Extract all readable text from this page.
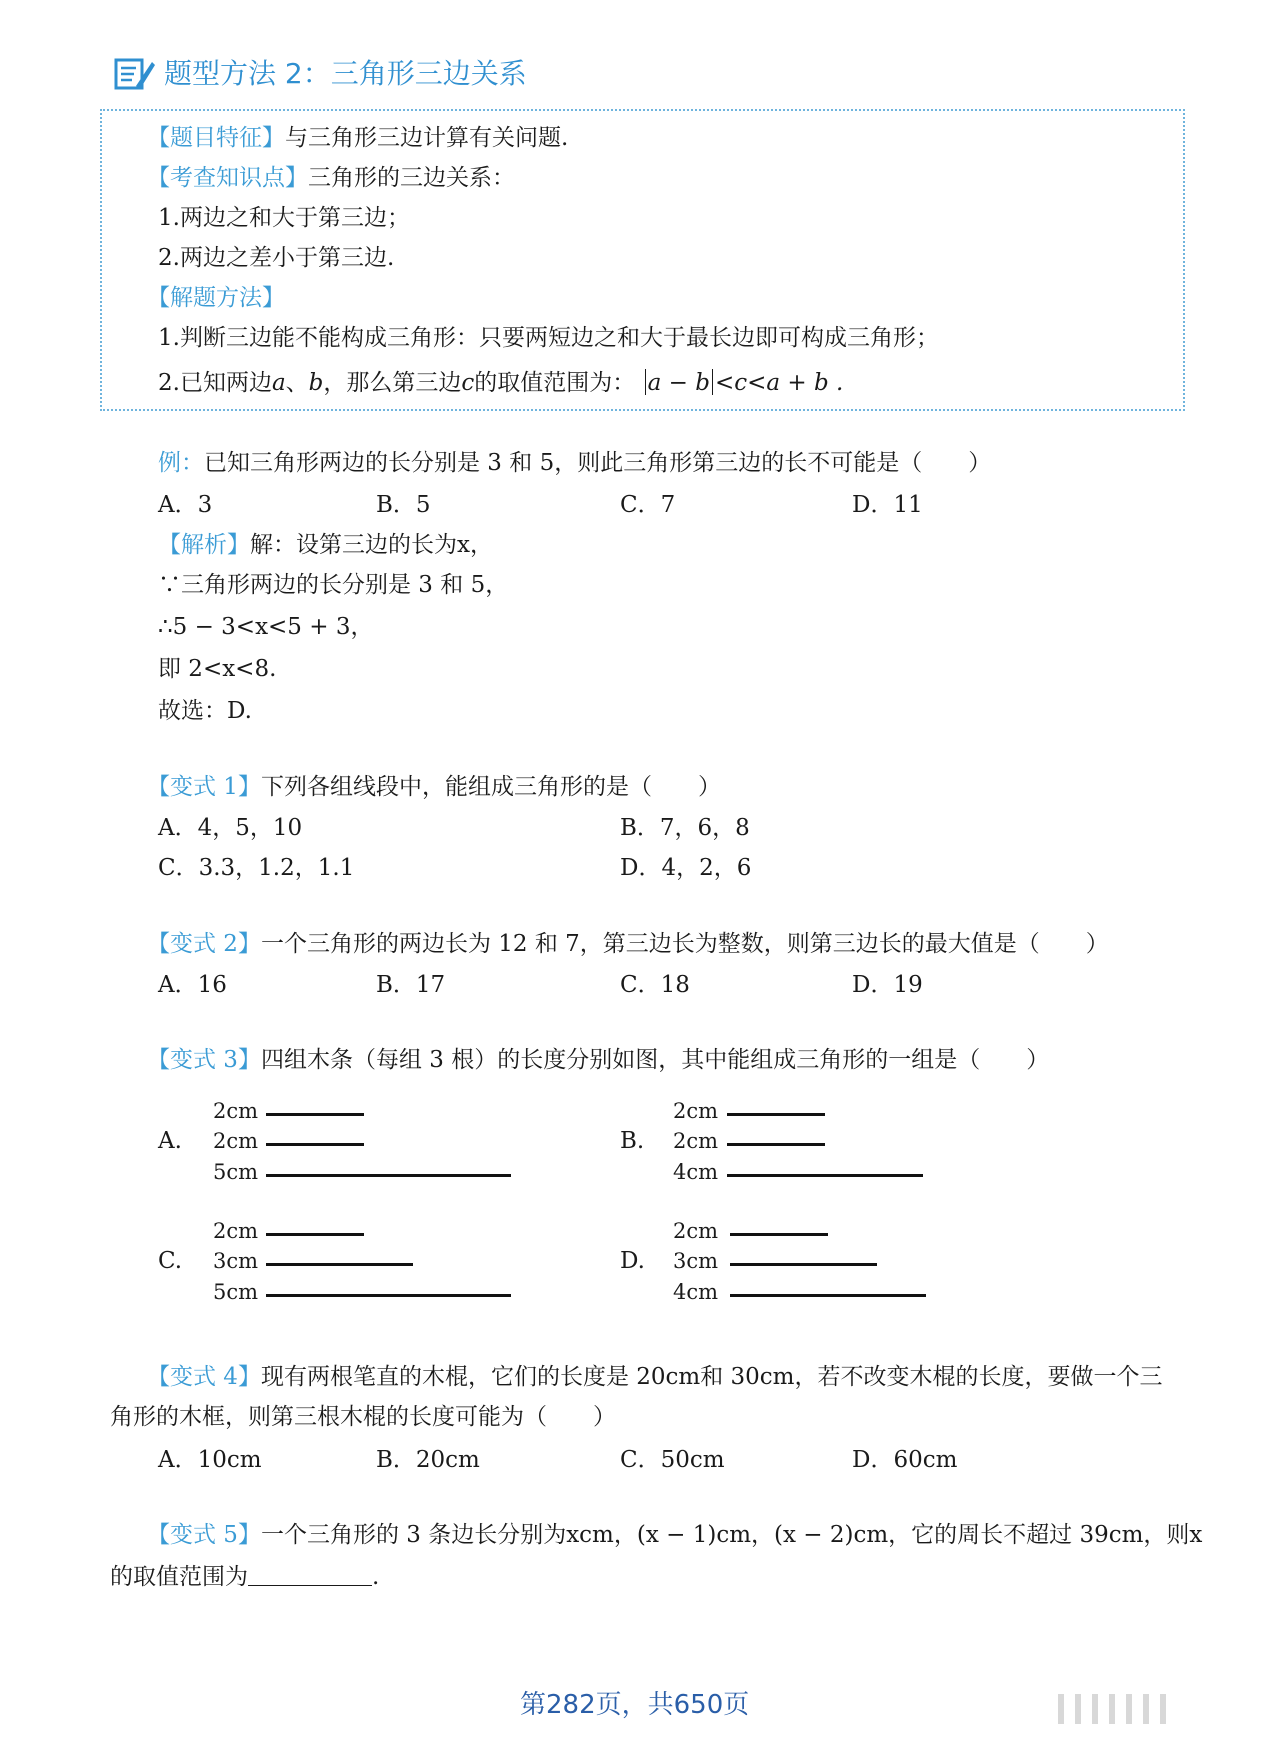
题型方法 2：三角形三边关系
【题目特征】与三角形三边计算有关问题.
【考查知识点】三角形的三边关系：
1.两边之和大于第三边；
2.两边之差小于第三边.
【解题方法】
1.判断三边能不能构成三角形：只要两短边之和大于最长边即可构成三角形；
2.已知两边a、b，那么第三边c的取值范围为： a − b <c<a + b .
例：已知三角形两边的长分别是 3 和 5，则此三角形第三边的长不可能是（　　）
A．3	B．5	C．7	D．11
【解析】解：设第三边的长为x，
∵三角形两边的长分别是 3 和 5，
∴5 − 3<x<5 + 3，
即 2<x<8.
故选：D.
【变式 1】下列各组线段中，能组成三角形的是（　　）
A．4，5，10	B．7，6，8
C．3.3，1.2，1.1	D．4，2，6
【变式 2】一个三角形的两边长为 12 和 7，第三边长为整数，则第三边长的最大值是（　　）
A．16	B．17	C．18	D．19
【变式 3】四组木条（每组 3 根）的长度分别如图，其中能组成三角形的一组是（　　）
A.
2cm
2cm
5cm
B.
2cm
2cm
4cm
C.
2cm
3cm
5cm
D.
2cm
3cm
4cm
【变式 4】现有两根笔直的木棍，它们的长度是 20cm和 30cm，若不改变木棍的长度，要做一个三
角形的木框，则第三根木棍的长度可能为（　　）
A．10cm	B．20cm	C．50cm	D．60cm
【变式 5】一个三角形的 3 条边长分别为xcm，(x − 1)cm，(x − 2)cm，它的周长不超过 39cm，则x
的取值范围为	.
第282页，共650页
